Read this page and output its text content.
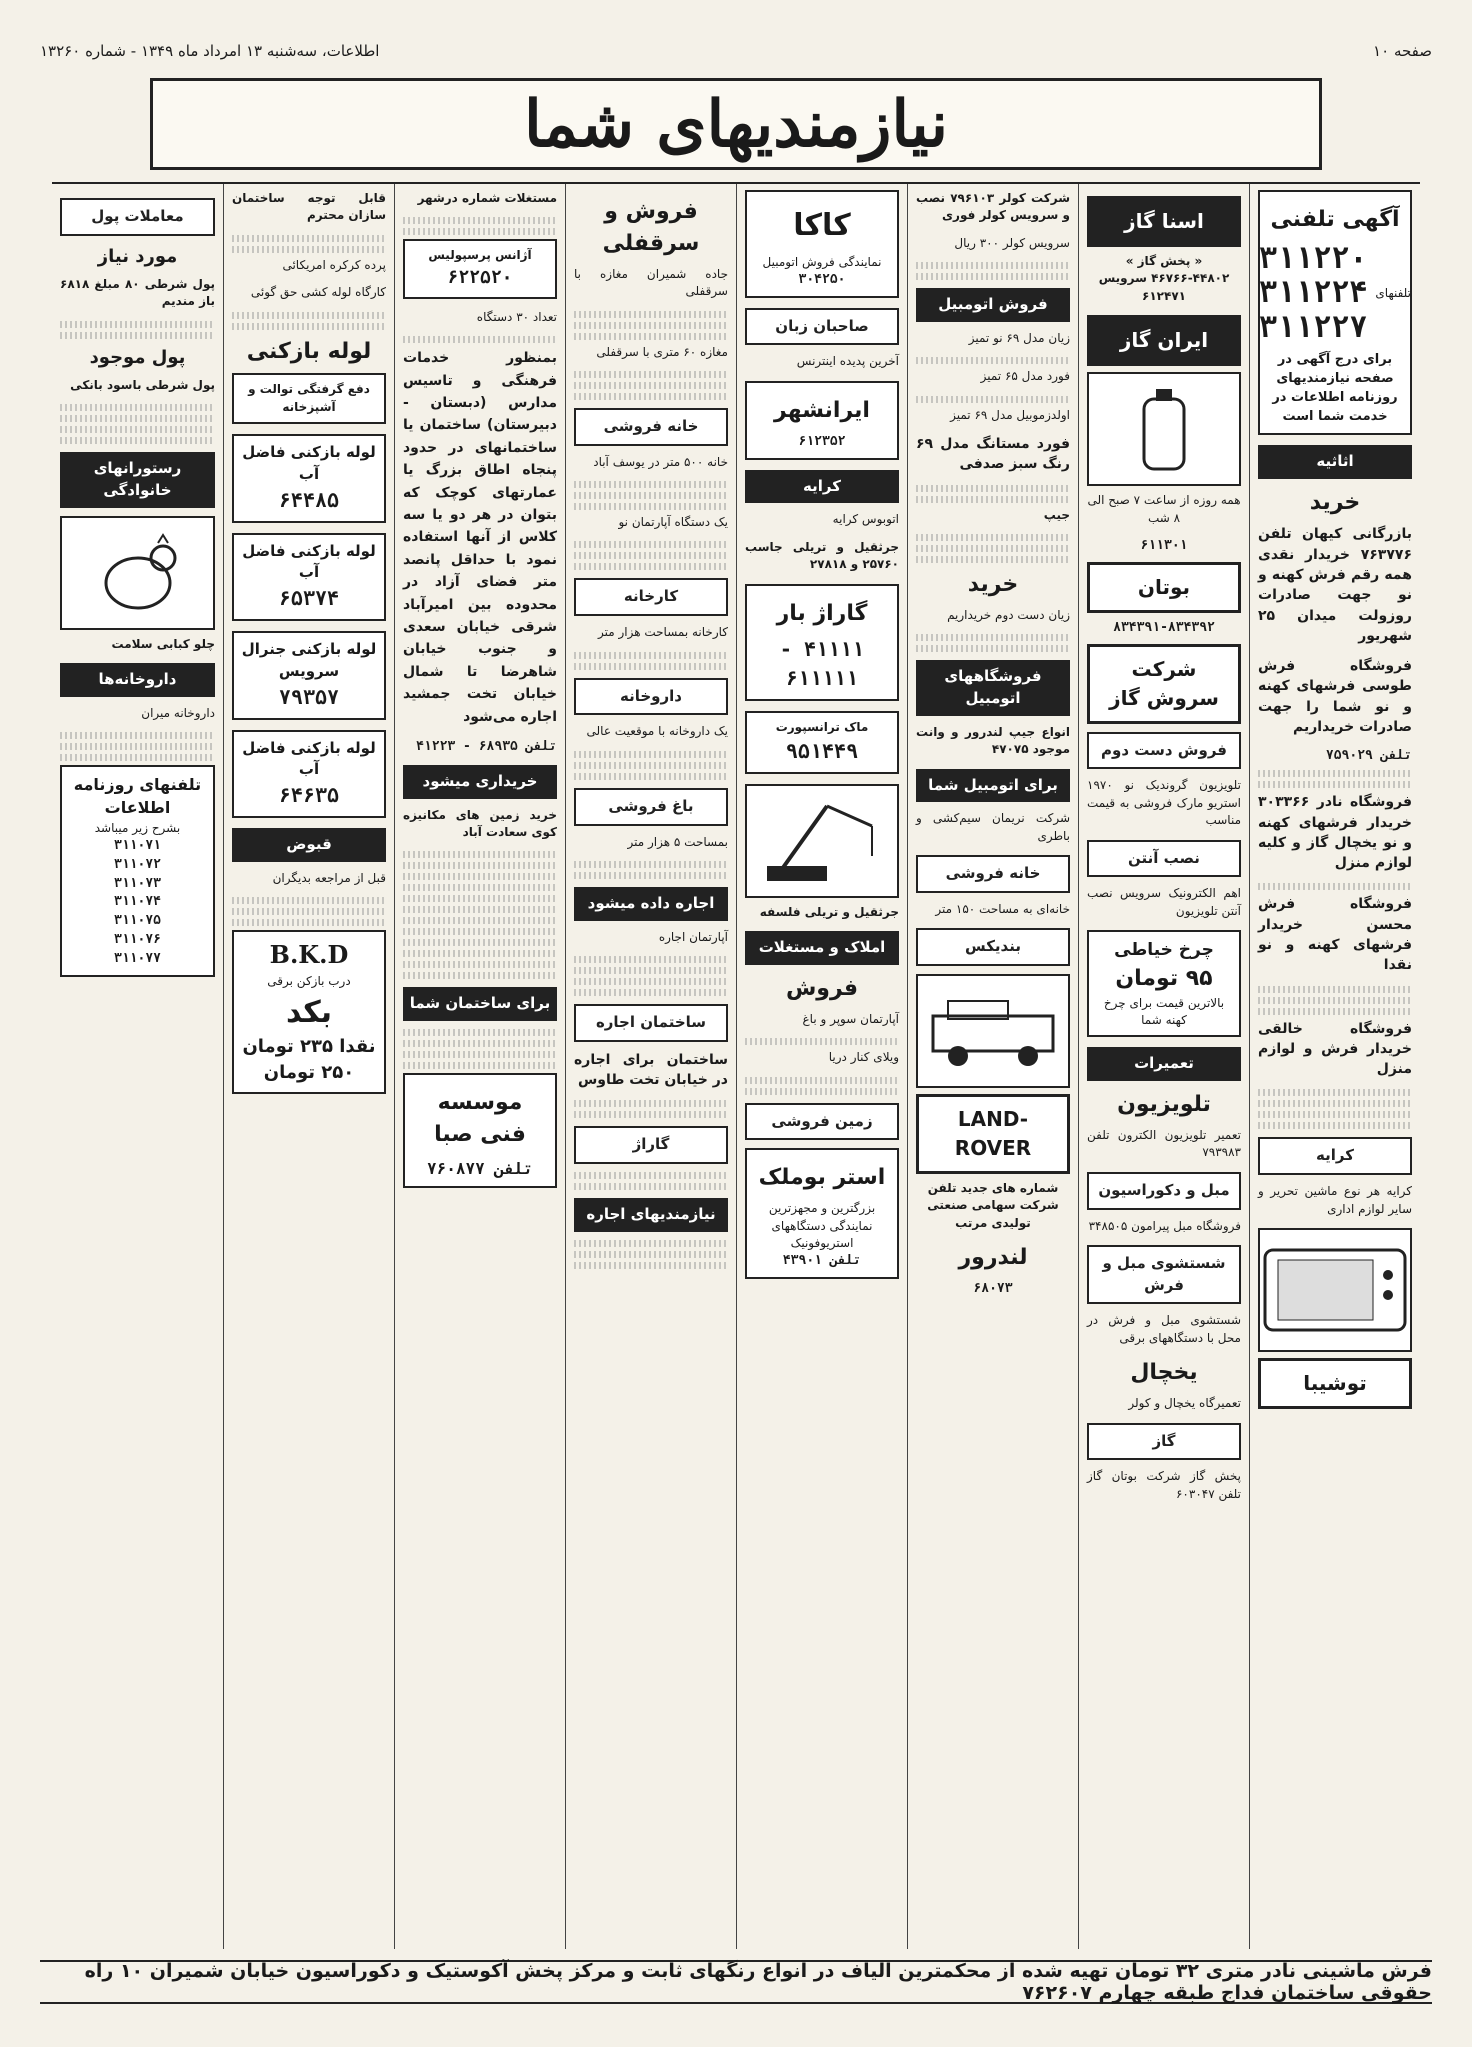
صفحه ۱۰
اطلاعات، سه‌شنبه ۱۳ امرداد ماه ۱۳۴۹ - شماره ۱۳۲۶۰
نیازمندیهای شما
آگهی تلفنی
تلفنهای
۳۱۱۲۲۰
۳۱۱۲۲۴
۳۱۱۲۲۷
برای درج آگهی در صفحه نیازمندیهای روزنامه اطلاعات در خدمت شما است
اثاثیه
خرید
بازرگانی کیهان تلفن ۷۶۳۷۷۶ خریدار نقدی همه رقم فرش کهنه و نو جهت صادرات روزولت میدان ۲۵ شهریور
فروشگاه فرش طوسی فرشهای کهنه و نو شما را جهت صادرات خریداریم
تلفن ۷۵۹۰۲۹
فروشگاه نادر ۳۰۳۳۶۶ خریدار فرشهای کهنه و نو یخچال گاز و کلیه لوازم منزل
فروشگاه فرش محسن خریدار فرشهای کهنه و نو نقدا
فروشگاه خالقی خریدار فرش و لوازم منزل
کرایه
کرایه هر نوع ماشین تحریر و سایر لوازم اداری
توشیبا
اسنا گاز
« پخش گاز » ۴۴۸۰۲-۴۶۷۶۶ سرویس ۶۱۲۴۷۱
ایران گاز
همه روزه از ساعت ۷ صبح الی ۸ شب
۶۱۱۳۰۱
بوتان
۸۳۴۳۹۱-۸۳۴۳۹۲
شرکت سروش گاز
فروش دست دوم
تلویزیون گروندیک نو ۱۹۷۰ استریو مارک فروشی به قیمت مناسب
نصب آنتن
اهم الکترونیک سرویس نصب آنتن تلویزیون
چرخ خیاطی
۹۵ تومان
بالاترین قیمت برای چرخ کهنه شما
تعمیرات
تلویزیون
تعمیر تلویزیون الکترون تلفن ۷۹۳۹۸۳
مبل و دکوراسیون
فروشگاه مبل پیرامون ۳۴۸۵۰۵
شستشوی مبل و فرش
شستشوی مبل و فرش در محل با دستگاههای برقی
یخچال
تعمیرگاه یخچال و کولر
گاز
پخش گاز شرکت بوتان گاز تلفن ۶۰۳۰۴۷
شرکت کولر ۷۹۶۱۰۳ نصب و سرویس کولر فوری
سرویس کولر ۳۰۰ ریال
فروش اتومبیل
زیان مدل ۶۹ نو تمیز
فورد مدل ۶۵ تمیز
اولدزموبیل مدل ۶۹ تمیز
فورد مستانگ مدل ۶۹ رنگ سبز صدفی
جیپ
خرید
زیان دست دوم خریداریم
فروشگاههای اتومبیل
انواع جیپ لندرور و وانت موجود ۴۷۰۷۵
برای اتومبیل شما
شرکت نریمان سیم‌کشی و باطری
خانه فروشی
خانه‌ای به مساحت ۱۵۰ متر
بندیکس
LAND-ROVER
شماره های جدید تلفن شرکت سهامی صنعتی تولیدی مرتب
لندرور
۶۸۰۷۳
کاکا
نمایندگی فروش اتومبیل
۳۰۴۲۵۰
صاحبان زبان
آخرین پدیده اینترنس
ایرانشهر
۶۱۲۳۵۲
کرایه
اتوبوس کرایه
جرثقیل و تریلی جاسب ۲۵۷۶۰ و ۲۷۸۱۸
گاراژ بار
۴۱۱۱۱ - ۶۱۱۱۱۱
ماک ترانسپورت
۹۵۱۴۴۹
جرثقیل و تریلی فلسفه
املاک و مستغلات
فروش
آپارتمان سوپر و باغ
ویلای کنار دریا
زمین فروشی
استر بوملک
بزرگترین و مجهزترین نمایندگی دستگاههای استریوفونیک
تلفن ۴۳۹۰۱
فروش و سرقفلی
جاده شمیران مغازه با سرقفلی
مغازه ۶۰ متری با سرقفلی
خانه فروشی
خانه ۵۰۰ متر در یوسف آباد
یک دستگاه آپارتمان نو
کارخانه
کارخانه بمساحت هزار متر
داروخانه
یک داروخانه با موقعیت عالی
باغ فروشی
بمساحت ۵ هزار متر
اجاره داده میشود
آپارتمان اجاره
ساختمان اجاره
ساختمان برای اجاره در خیابان تخت طاوس
گاراژ
نیازمندیهای اجاره
مستغلات شماره درشهر
آژانس پرسپولیس
۶۲۲۵۲۰
تعداد ۳۰ دستگاه
بمنظور خدمات فرهنگی و تاسیس مدارس (دبستان - دبیرستان) ساختمان یا ساختمانهای در حدود پنجاه اطاق بزرگ یا عمارتهای کوچک که بتوان در هر دو یا سه کلاس از آنها استفاده نمود با حداقل پانصد متر فضای آزاد در محدوده بین امیرآباد شرقی خیابان سعدی و جنوب خیابان شاهرضا تا شمال خیابان تخت جمشید اجاره می‌شود
تلفن ۶۸۹۳۵ - ۴۱۲۲۳
خریداری میشود
خرید زمین های مکانیزه کوی سعادت آباد
برای ساختمان شما
موسسه فنی صبا
تلفن ۷۶۰۸۷۷
قابل توجه ساختمان سازان محترم
پرده کرکره امریکائی
کارگاه لوله کشی حق گوئی
لوله بازکنی
دفع گرفتگی توالت و آشپزخانه
لوله بازکنی فاضل آب
۶۴۴۸۵
لوله بازکنی فاضل آب
۶۵۳۷۴
لوله بازکنی جنرال سرویس
۷۹۳۵۷
لوله بازکنی فاضل آب
۶۴۶۳۵
قبوض
قبل از مراجعه بدیگران
B.K.D
درب بازکن برقی
بکد
نقدا ۲۳۵ تومان
۲۵۰ تومان
معاملات پول
مورد نیاز
پول شرطی ۸۰ مبلغ ۶۸۱۸ باز مندیم
پول موجود
پول شرطی باسود بانکی
رستورانهای خانوادگی
چلو کبابی سلامت
داروخانه‌ها
داروخانه میران
تلفنهای روزنامه اطلاعات
بشرح زیر میباشد
۳۱۱۰۷۱
۳۱۱۰۷۲
۳۱۱۰۷۳
۳۱۱۰۷۴
۳۱۱۰۷۵
۳۱۱۰۷۶
۳۱۱۰۷۷
فرش ماشینی نادر متری ۳۲ تومان تهیه شده از محکمترین الیاف در انواع رنگهای ثابت و مرکز پخش آکوستیک و دکوراسیون خیابان شمیران ۱۰ راه حقوقی ساختمان فداج طبقه چهارم ۷۶۲۶۰۷
